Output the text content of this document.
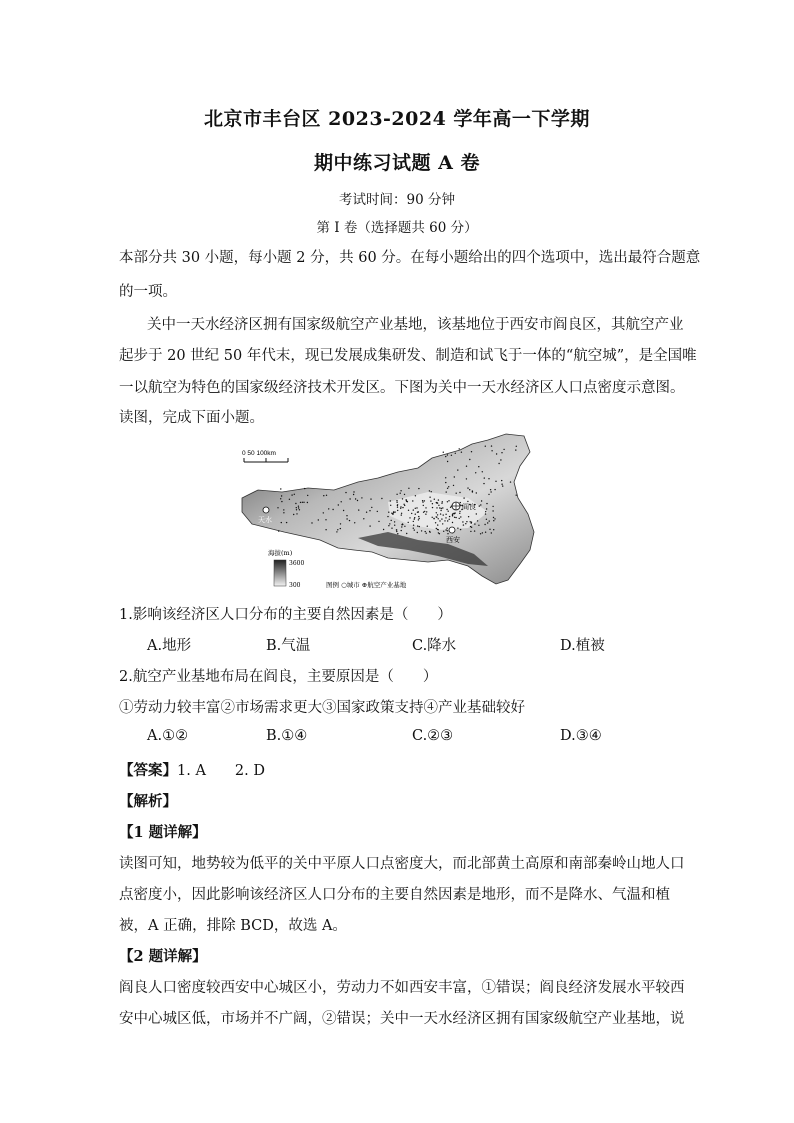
北京市丰台区 2023-2024 学年高一下学期
期中练习试题 A 卷
考试时间：90 分钟
第 I 卷（选择题共 60 分）
本部分共 30 小题，每小题 2 分，共 60 分。在每小题给出的四个选项中，选出最符合题意
的一项。
关中一天水经济区拥有国家级航空产业基地，该基地位于西安市阎良区，其航空产业
起步于 20 世纪 50 年代末，现已发展成集研发、制造和试飞于一体的“航空城”，是全国唯
一以航空为特色的国家级经济技术开发区。下图为关中一天水经济区人口点密度示意图。
读图，完成下面小题。
0 50 100km
天水
西安
阎良
海拔(m)
3600
300	图例 ○城市 ⊕航空产业基地
1.影响该经济区人口分布的主要自然因素是（　　）
A.地形	B.气温	C.降水	D.植被
2.航空产业基地布局在阎良，主要原因是（　　）
①劳动力较丰富②市场需求更大③国家政策支持④产业基础较好
A.①②	B.①④	C.②③	D.③④
【答案】1. A　　2. D
【解析】
【1 题详解】
读图可知，地势较为低平的关中平原人口点密度大，而北部黄土高原和南部秦岭山地人口
点密度小，因此影响该经济区人口分布的主要自然因素是地形，而不是降水、气温和植
被，A 正确，排除 BCD，故选 A。
【2 题详解】
阎良人口密度较西安中心城区小，劳动力不如西安丰富，①错误；阎良经济发展水平较西
安中心城区低，市场并不广阔，②错误；关中一天水经济区拥有国家级航空产业基地，说
